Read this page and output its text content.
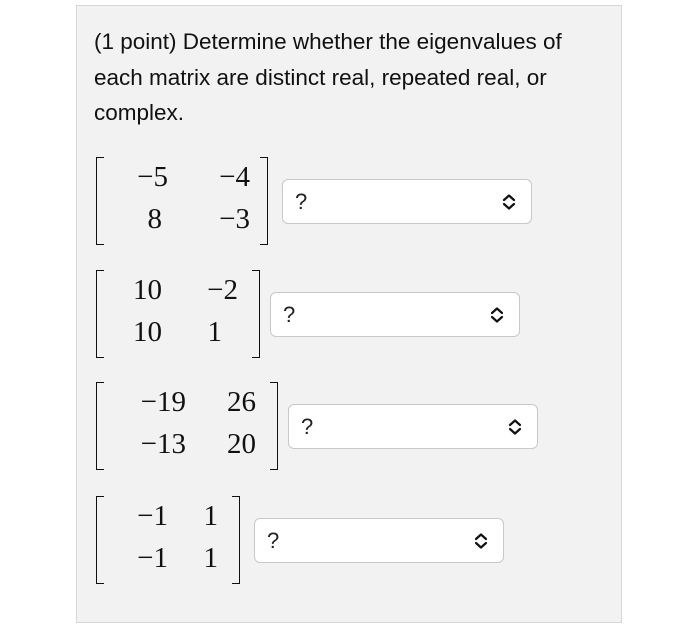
(1 point) Determine whether the eigenvalues of each matrix are distinct real, repeated real, or complex.
−5	−4
8	−3
?
10	−2
10	1
?
−19	26
−13	20
?
−1	1
−1	1
?
